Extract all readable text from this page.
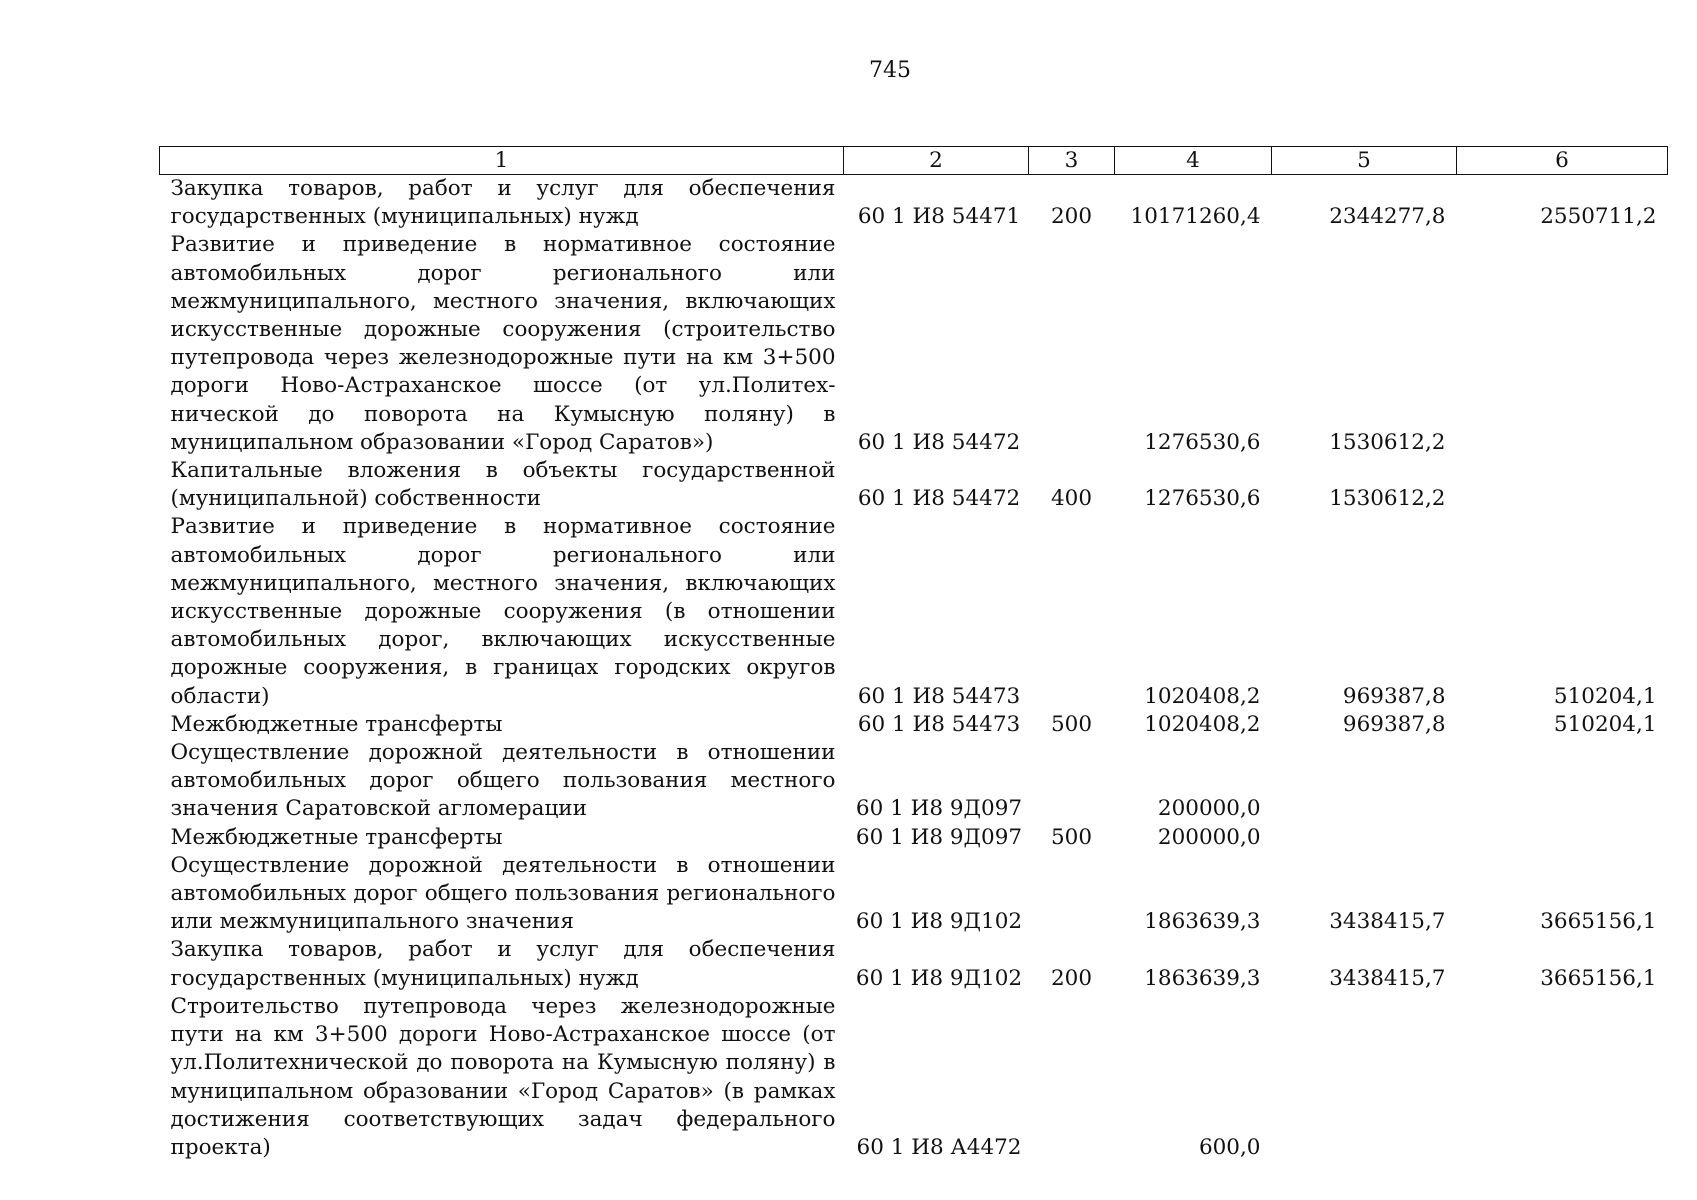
745
1	2	3	4	5	6
Закупка товаров, работ и услуг для обеспечения государственных (муниципальных) нужд	60 1 И8 54471	200	10171260,4	2344277,8	2550711,2
Развитие и приведение в нормативное состояние автомобильных дорог регионального или межмуниципального, местного значения, включающих искусственные дорожные сооружения (строительство путепровода через железнодорожные пути на км 3+500 дороги Ново-Астраханское шоссе (от ул.Политехнической до поворота на Кумысную поляну) в муниципальном образовании «Город Саратов»)	60 1 И8 54472		1276530,6	1530612,2	
Капитальные вложения в объекты государственной (муниципальной) собственности	60 1 И8 54472	400	1276530,6	1530612,2	
Развитие и приведение в нормативное состояние автомобильных дорог регионального или межмуниципального, местного значения, включающих искусственные дорожные сооружения (в отношении автомобильных дорог, включающих искусственные дорожные сооружения, в границах городских округов области)	60 1 И8 54473		1020408,2	969387,8	510204,1
Межбюджетные трансферты	60 1 И8 54473	500	1020408,2	969387,8	510204,1
Осуществление дорожной деятельности в отношении автомобильных дорог общего пользования местного значения Саратовской агломерации	60 1 И8 9Д097		200000,0		
Межбюджетные трансферты	60 1 И8 9Д097	500	200000,0		
Осуществление дорожной деятельности в отношении автомобильных дорог общего пользования регионального или межмуниципального значения	60 1 И8 9Д102		1863639,3	3438415,7	3665156,1
Закупка товаров, работ и услуг для обеспечения государственных (муниципальных) нужд	60 1 И8 9Д102	200	1863639,3	3438415,7	3665156,1
Строительство путепровода через железнодорожные пути на км 3+500 дороги Ново-Астраханское шоссе (от ул.Политехнической до поворота на Кумысную поляну) в муниципальном образовании «Город Саратов» (в рамках достижения соответствующих задач федерального проекта)	60 1 И8 А4472		600,0		
